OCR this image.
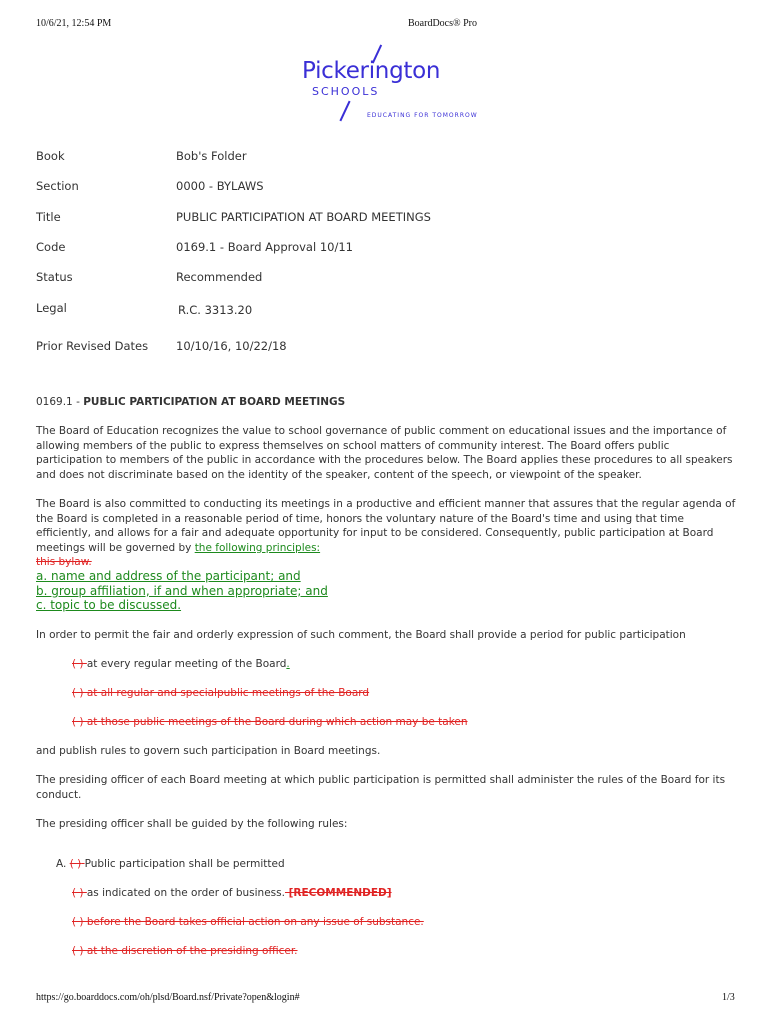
10/6/21, 12:54 PM	BoardDocs® Pro
Pickerington
SCHOOLS
EDUCATING FOR TOMORROW
Book	Bob's Folder
Section	0000 - BYLAWS
Title	PUBLIC PARTICIPATION AT BOARD MEETINGS
Code	0169.1 - Board Approval 10/11
Status	Recommended
Legal	R.C. 3313.20
Prior Revised Dates 10/10/16, 10/22/18
0169.1 - PUBLIC PARTICIPATION AT BOARD MEETINGS
The Board of Education recognizes the value to school governance of public comment on educational issues and the importance of allowing members of the public to express themselves on school matters of community interest. The Board offers public participation to members of the public in accordance with the procedures below. The Board applies these procedures to all speakers and does not discriminate based on the identity of the speaker, content of the speech, or viewpoint of the speaker.
The Board is also committed to conducting its meetings in a productive and efficient manner that assures that the regular agenda of the Board is completed in a reasonable period of time, honors the voluntary nature of the Board's time and using that time efficiently, and allows for a fair and adequate opportunity for input to be considered. Consequently, public participation at Board meetings will be governed by the following principles:
this bylaw.
a. name and address of the participant; and
b. group affiliation, if and when appropriate; and
c. topic to be discussed.
In order to permit the fair and orderly expression of such comment, the Board shall provide a period for public participation
( ) at every regular meeting of the Board.
( ) at all regular and specialpublic meetings of the Board
( ) at those public meetings of the Board during which action may be taken
and publish rules to govern such participation in Board meetings.
The presiding officer of each Board meeting at which public participation is permitted shall administer the rules of the Board for its conduct.
The presiding officer shall be guided by the following rules:
A. ( ) Public participation shall be permitted
( ) as indicated on the order of business. [RECOMMENDED]
( ) before the Board takes official action on any issue of substance.
( ) at the discretion of the presiding officer.
https://go.boarddocs.com/oh/plsd/Board.nsf/Private?open&login#	1/3
